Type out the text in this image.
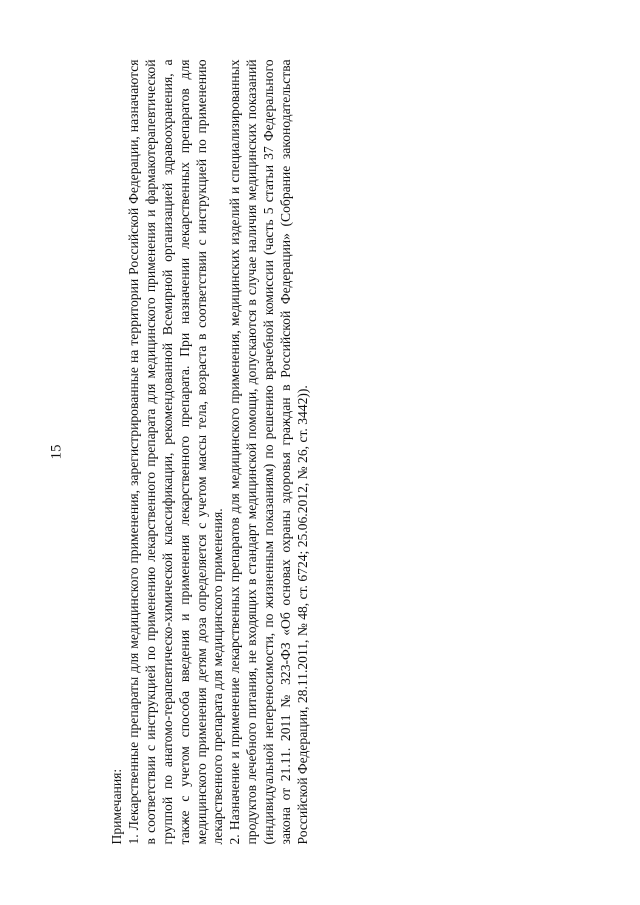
15

Примечания: 1. Лекарственные препараты для медицинского применения, зарегистрированные на территории Российской Федерации, назначаются в соответствии с инструкцией по применению лекарственного препарата для медицинского применения и фармакотерапевтической группой по анатомо-терапевтическо-химической классификации, рекомендованной Всемирной организацией здравоохранения, а также с учетом способа введения и применения лекарственного препарата. При назначении лекарственных препаратов для медицинского применения детям доза определяется с учетом массы тела, возраста в соответствии с инструкцией по применению лекарственного препарата для медицинского применения. 2. Назначение и применение лекарственных препаратов для медицинского применения, медицинских изделий и специализированных продуктов лечебного питания, не входящих в стандарт медицинской помощи, допускаются в случае наличия медицинских показаний (индивидуальной непереносимости, по жизненным показаниям) по решению врачебной комиссии (часть 5 статьи 37 Федерального закона от 21.11. 2011 № 323-ФЗ «Об основах охраны здоровья граждан в Российской Федерации» (Собрание законодательства Российской Федерации, 28.11.2011, № 48, ст. 6724; 25.06.2012, № 26, ст. 3442)).
